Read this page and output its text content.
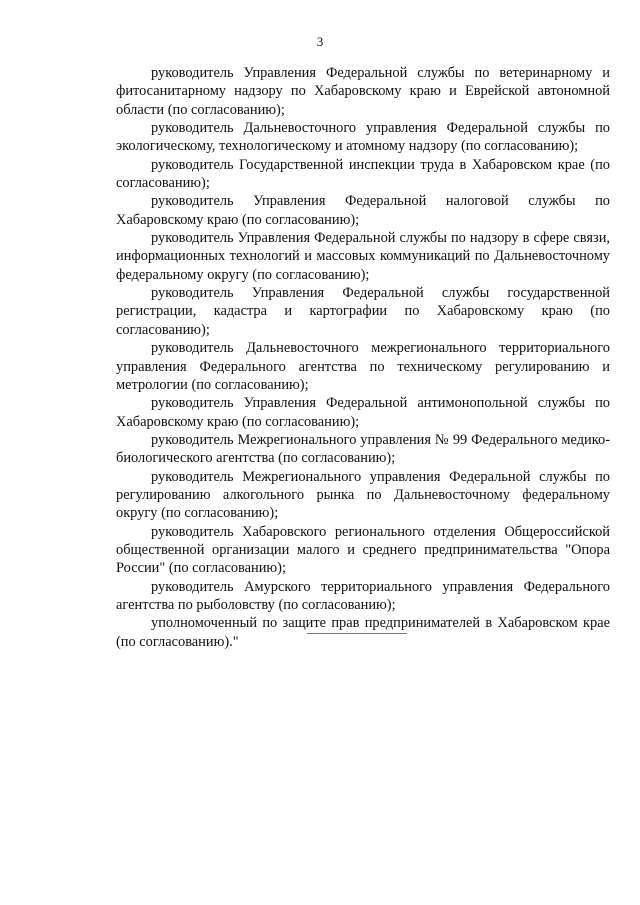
3

руководитель Управления Федеральной службы по ветеринарному и фитосанитарному надзору по Хабаровскому краю и Еврейской автономной области (по согласованию);

руководитель Дальневосточного управления Федеральной службы по экологическому, технологическому и атомному надзору (по согласованию);

руководитель Государственной инспекции труда в Хабаровском крае (по согласованию);

руководитель Управления Федеральной налоговой службы по Хабаровскому краю (по согласованию);

руководитель Управления Федеральной службы по надзору в сфере связи, информационных технологий и массовых коммуникаций по Дальневосточному федеральному округу (по согласованию);

руководитель Управления Федеральной службы государственной регистрации, кадастра и картографии по Хабаровскому краю (по согласованию);

руководитель Дальневосточного межрегионального территориального управления Федерального агентства по техническому регулированию и метрологии (по согласованию);

руководитель Управления Федеральной антимонопольной службы по Хабаровскому краю (по согласованию);

руководитель Межрегионального управления № 99 Федерального медико-биологического агентства (по согласованию);

руководитель Межрегионального управления Федеральной службы по регулированию алкогольного рынка по Дальневосточному федеральному округу (по согласованию);

руководитель Хабаровского регионального отделения Общероссийской общественной организации малого и среднего предпринимательства "Опора России" (по согласованию);

руководитель Амурского территориального управления Федерального агентства по рыболовству (по согласованию);

уполномоченный по защите прав предпринимателей в Хабаровском крае (по согласованию)."
